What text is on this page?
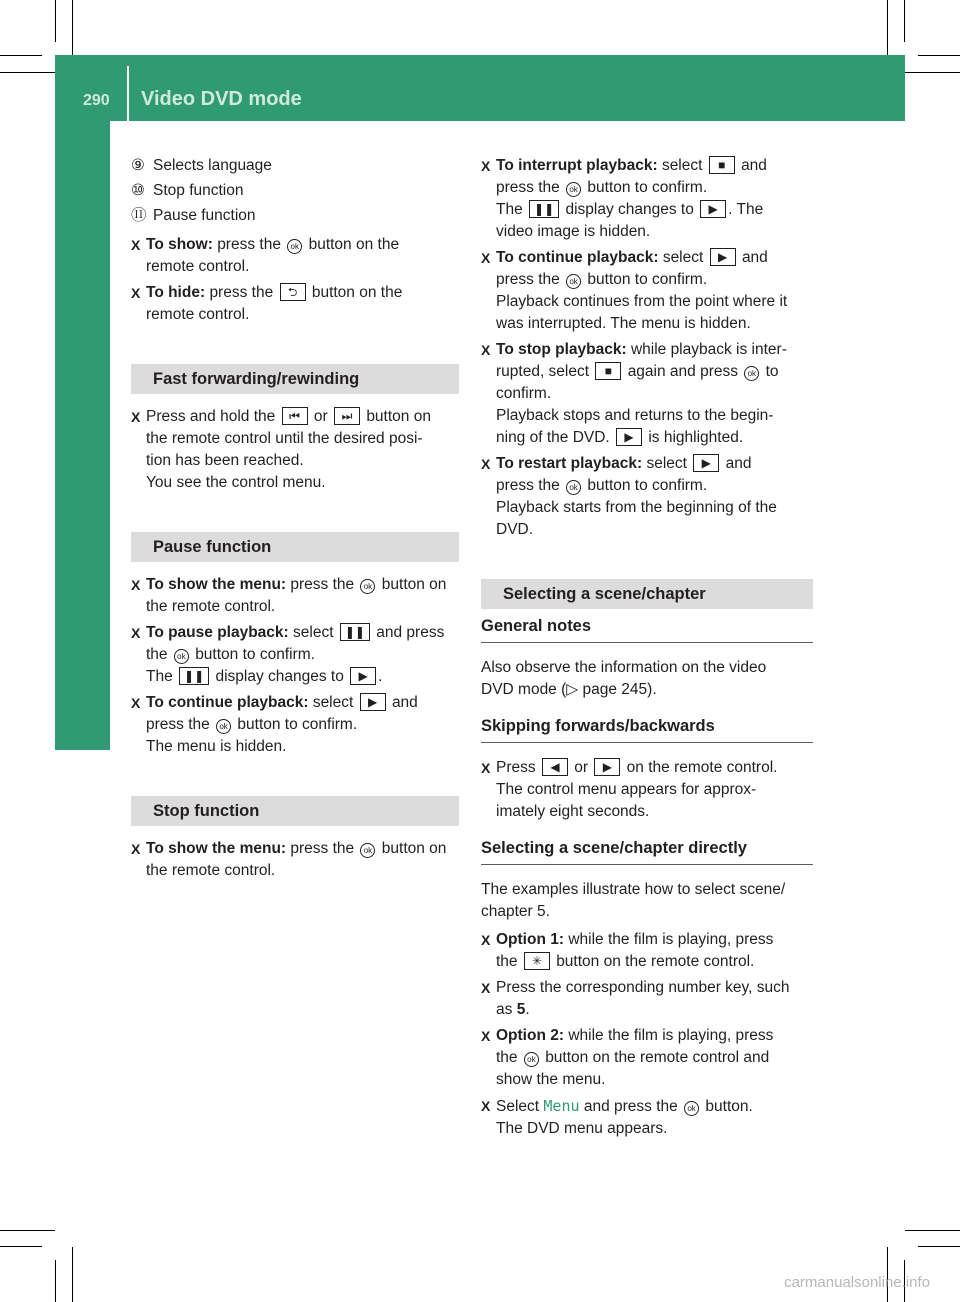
290 Video DVD mode
Rear Seat Entertainment System
⑨ Selects language
⑩ Stop function
⑪ Pause function
X To show: press the ok button on the

remote control.

X To hide: press the ⮌ button on the

remote control.

Fast forwarding/rewinding
X Press and hold the ⏮ or ⏭ button on

the remote control until the desired posi-

tion has been reached.

You see the control menu.

Pause function
X To show the menu: press the ok button on

the remote control.

X To pause playback: select ❚❚ and press

the ok button to confirm.

The ❚❚ display changes to ▶ .

X To continue playback: select ▶ and

press the ok button to confirm.

The menu is hidden.

Stop function
X To show the menu: press the ok button on

the remote control.

X To interrupt playback: select ■ and

press the ok button to confirm.

The ❚❚ display changes to ▶ . The

video image is hidden.

X To continue playback: select ▶ and

press the ok button to confirm.

Playback continues from the point where it

was interrupted. The menu is hidden.

X To stop playback: while playback is inter-

rupted, select ■ again and press ok to

confirm.

Playback stops and returns to the begin-

ning of the DVD. ▶ is highlighted.

X To restart playback: select ▶ and

press the ok button to confirm.

Playback starts from the beginning of the

DVD.

Selecting a scene/chapter
General notes

Also observe the information on the video

DVD mode (▷ page 245).

Skipping forwards/backwards
X Press ◀ or ▶ on the remote control.

The control menu appears for approx-

imately eight seconds.

Selecting a scene/chapter directly

The examples illustrate how to select scene/

chapter 5.

X Option 1: while the film is playing, press

the ✳ button on the remote control.

X Press the corresponding number key, such

as 5.

X Option 2: while the film is playing, press

the ok button on the remote control and

show the menu.

X Select Menu and press the ok button.

The DVD menu appears.

carmanualsonline.info
